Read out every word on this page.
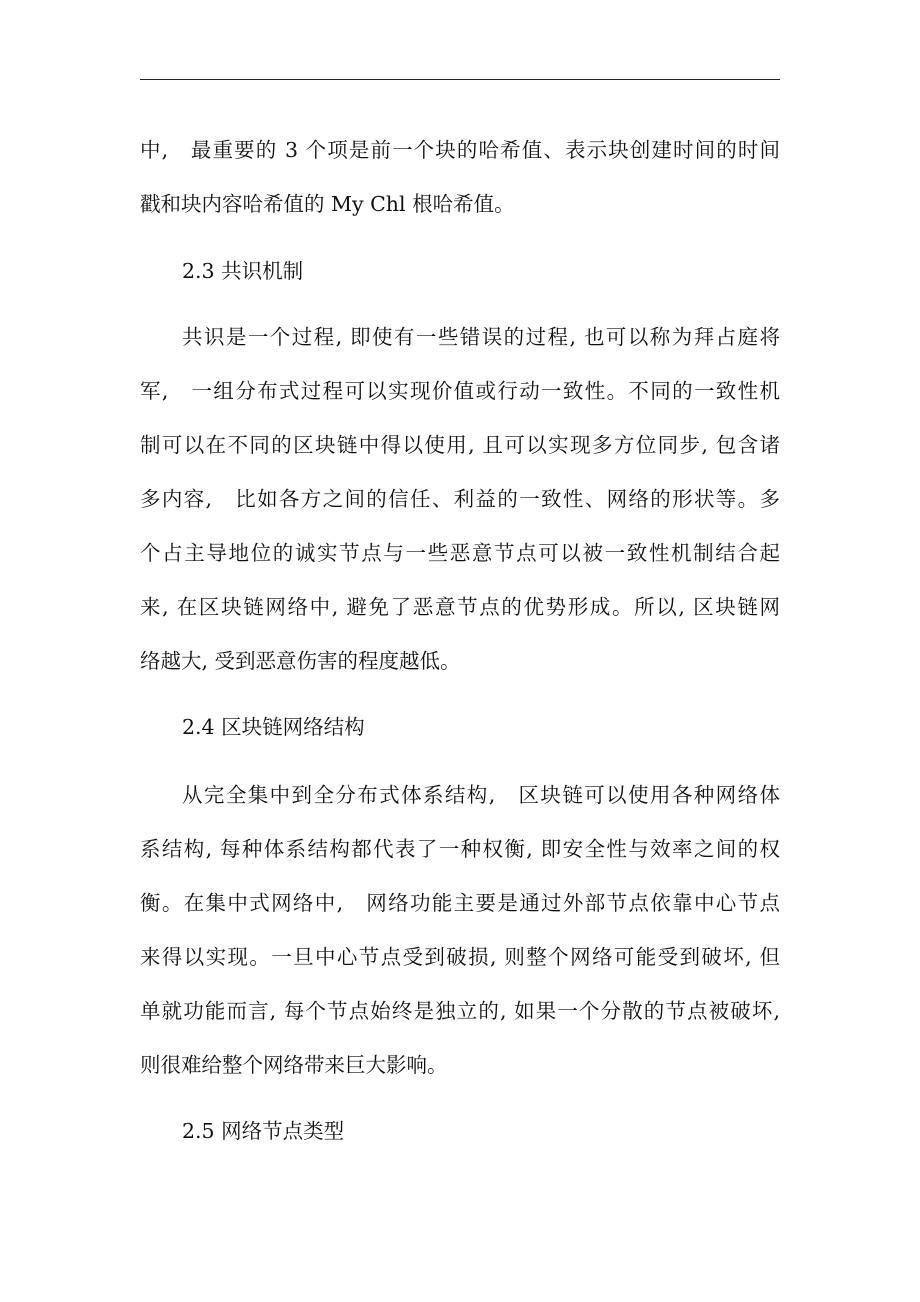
中,　最重要的 3 个项是前一个块的哈希值、表示块创建时间的时间
戳和块内容哈希值的 My Chl 根哈希值。
2.3 共识机制
共识是一个过程, 即使有一些错误的过程, 也可以称为拜占庭将
军,　一组分布式过程可以实现价值或行动一致性。不同的一致性机
制可以在不同的区块链中得以使用, 且可以实现多方位同步, 包含诸
多内容,　比如各方之间的信任、利益的一致性、网络的形状等。多
个占主导地位的诚实节点与一些恶意节点可以被一致性机制结合起
来, 在区块链网络中, 避免了恶意节点的优势形成。所以, 区块链网
络越大, 受到恶意伤害的程度越低。
2.4 区块链网络结构
从完全集中到全分布式体系结构,　区块链可以使用各种网络体
系结构, 每种体系结构都代表了一种权衡, 即安全性与效率之间的权
衡。在集中式网络中,　网络功能主要是通过外部节点依靠中心节点
来得以实现。一旦中心节点受到破损, 则整个网络可能受到破坏, 但
单就功能而言, 每个节点始终是独立的, 如果一个分散的节点被破坏,
则很难给整个网络带来巨大影响。
2.5 网络节点类型
